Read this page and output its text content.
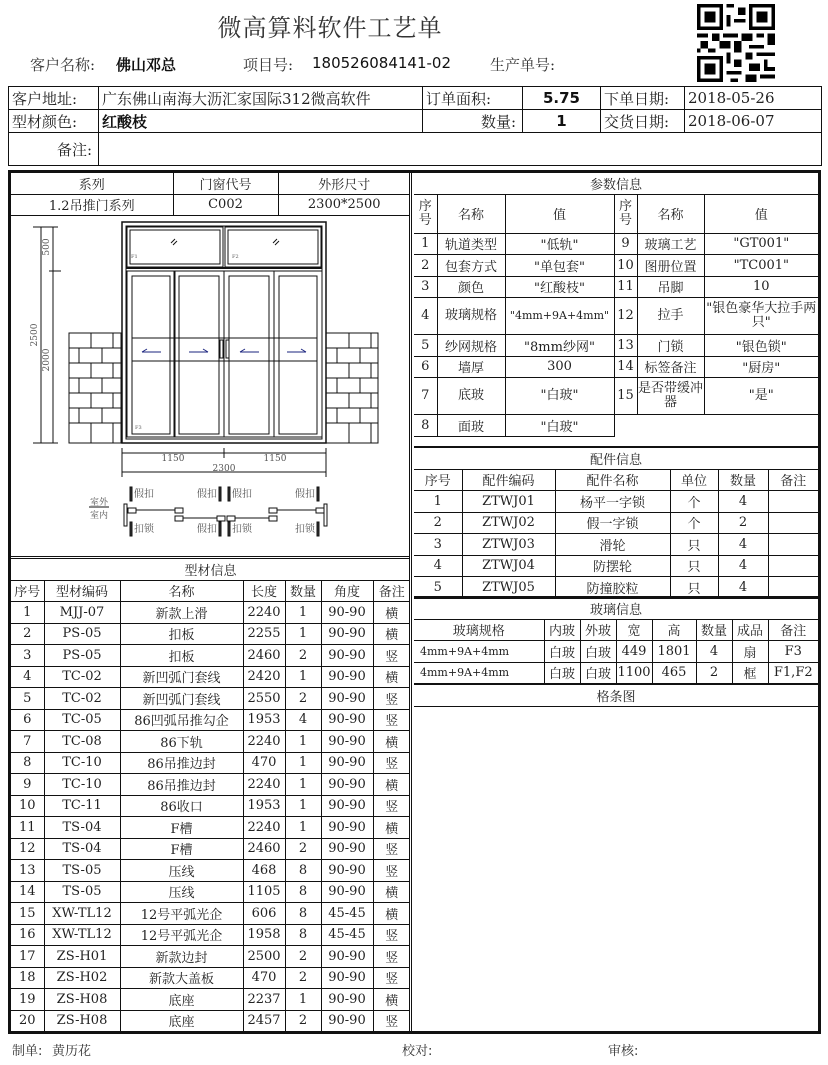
微高算料软件工艺单
客户名称: 佛山邓总	项目号: 180526084141-02	生产单号:
客户地址:	广东佛山南海大沥汇家国际312微高软件	订单面积:	5.75	下单日期:	2018-05-26
型材颜色:	红酸枝	数量:	1	交货日期:	2018-06-07
备注:					
系列	门窗代号	外形尺寸
1.2吊推门系列	C002	2300*2500
500
2500
2000
1150	1150
2300
F1	F2
F3
室外
室内
假扣	假扣 假扣	假扣
扣锁	假扣 扣锁	扣锁
型材信息						
序号	型材编码	名称	长度	数量	角度	备注
1	MJJ-07	新款上滑	2240	1	90-90	横
2	PS-05	扣板	2255	1	90-90	横
3	PS-05	扣板	2460	2	90-90	竖
4	TC-02	新凹弧门套线	2420	1	90-90	横
5	TC-02	新凹弧门套线	2550	2	90-90	竖
6	TC-05	86凹弧吊推勾企	1953	4	90-90	竖
7	TC-08	86下轨	2240	1	90-90	横
8	TC-10	86吊推边封	470	1	90-90	竖
9	TC-10	86吊推边封	2240	1	90-90	横
10	TC-11	86收口	1953	1	90-90	竖
11	TS-04	F槽	2240	1	90-90	横
12	TS-04	F槽	2460	2	90-90	竖
13	TS-05	压线	468	8	90-90	竖
14	TS-05	压线	1105	8	90-90	横
15	XW-TL12	12号平弧光企	606	8	45-45	横
16	XW-TL12	12号平弧光企	1958	8	45-45	竖
17	ZS-H01	新款边封	2500	2	90-90	竖
18	ZS-H02	新款大盖板	470	2	90-90	竖
19	ZS-H08	底座	2237	1	90-90	横
20	ZS-H08	底座	2457	2	90-90	竖
参数信息					
序号	名称	值	序号	名称	值
1	轨道类型	"低轨"	9	玻璃工艺	"GT001"
2	包套方式	"单包套"	10	图册位置	"TC001"
3	颜色	"红酸枝"	11	吊脚	10
4	玻璃规格	"4mm+9A+4mm"	12	拉手	"银色豪华大拉手两只"
5	纱网规格	"8mm纱网"	13	门锁	"银色锁"
6	墙厚	300	14	标签备注	"厨房"
7	底玻	"白玻"	15	是否带缓冲器	"是"
8	面玻	"白玻"			
配件信息					
序号	配件编码	配件名称	单位	数量	备注
1	ZTWJ01	杨平一字锁	个	4	
2	ZTWJ02	假一字锁	个	2	
3	ZTWJ03	滑轮	只	4	
4	ZTWJ04	防摆轮	只	4	
5	ZTWJ05	防撞胶粒	只	4	
玻璃信息							
玻璃规格	内玻	外玻	宽	高	数量	成品	备注
4mm+9A+4mm	白玻	白玻	449	1801	4	扇	F3
4mm+9A+4mm	白玻	白玻	1100	465	2	框	F1,F2
格条图							
制单: 黄历花	校对:	审核:
